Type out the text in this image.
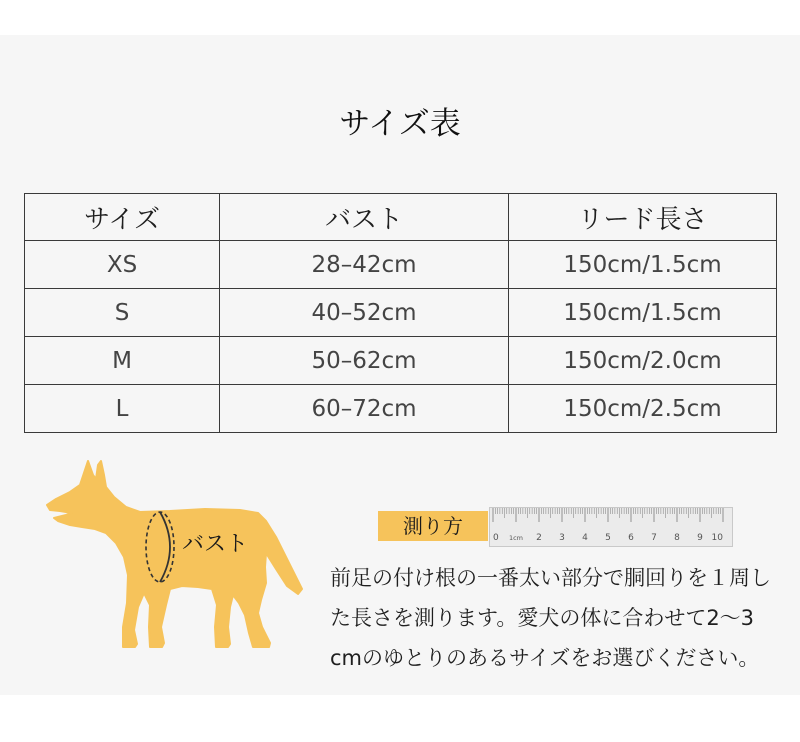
サイズ表
サイズ	バスト	リード長さ
XS	28–42cm	150cm/1.5cm
S	40–52cm	150cm/1.5cm
M	50–62cm	150cm/2.0cm
L	60–72cm	150cm/2.5cm
バスト
測り方	0 1cm 2 3 4 5 6 7 8 9 10
前足の付け根の一番太い部分で胴回りを１周し
た長さを測ります。愛犬の体に合わせて2～3
cmのゆとりのあるサイズをお選びください。
